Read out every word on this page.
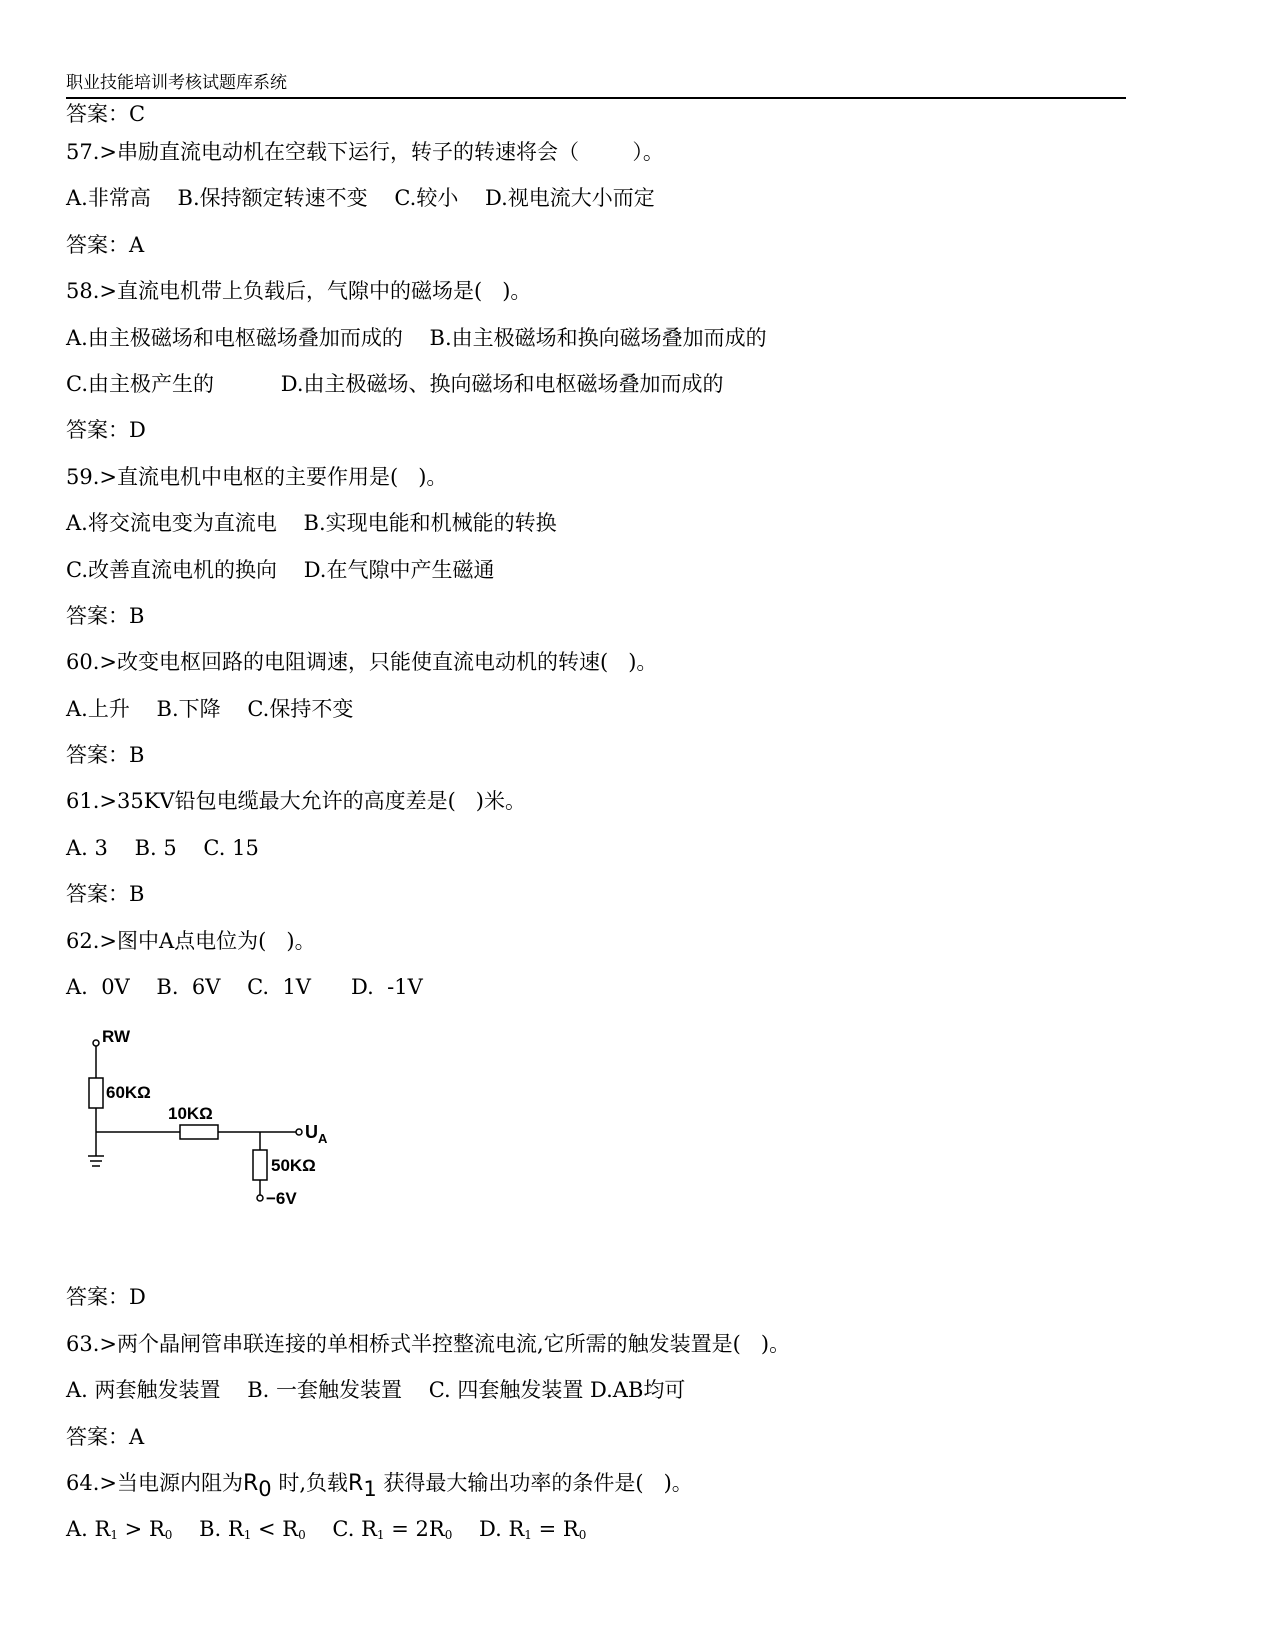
职业技能培训考核试题库系统
答案：C
57.>串励直流电动机在空载下运行，转子的转速将会（        ）。
A.非常高    B.保持额定转速不变    C.较小    D.视电流大小而定
答案：A
58.>直流电机带上负载后，气隙中的磁场是(   )。
A.由主极磁场和电枢磁场叠加而成的    B.由主极磁场和换向磁场叠加而成的
C.由主极产生的          D.由主极磁场、换向磁场和电枢磁场叠加而成的
答案：D
59.>直流电机中电枢的主要作用是(   )。
A.将交流电变为直流电    B.实现电能和机械能的转换
C.改善直流电机的换向    D.在气隙中产生磁通
答案：B
60.>改变电枢回路的电阻调速，只能使直流电动机的转速(   )。
A.上升    B.下降    C.保持不变
答案：B
61.>35KV铅包电缆最大允许的高度差是(   )米。
A. 3    B. 5    C. 15
答案：B
62.>图中A点电位为(   )。
A.  0V    B.  6V    C.  1V      D.  -1V
RW
60KΩ
10KΩ
$U_A$
50KΩ
−6V
答案：D
63.>两个晶闸管串联连接的单相桥式半控整流电流,它所需的触发装置是(   )。
A. 两套触发装置    B. 一套触发装置    C. 四套触发装置 D.AB均可
答案：A
64.>当电源内阻为R0 时,负载R1 获得最大输出功率的条件是(   )。
A. $R_1 > R_0$    B. $R_1 < R_0$    C. $R_1 = 2R_0$    D. $R_1 = R_0$
